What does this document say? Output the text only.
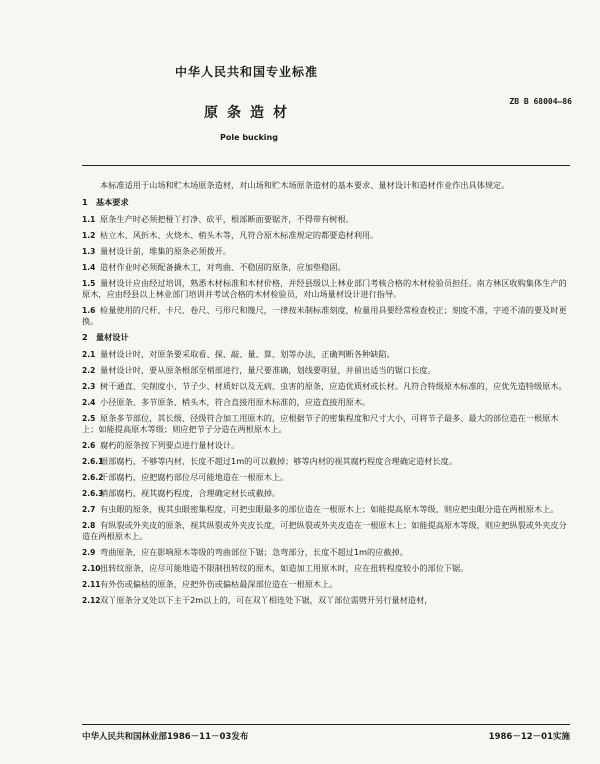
中华人民共和国专业标准
原条造材
ZB B 68004—86
Pole bucking

本标准适用于山场和贮木场原条造材，对山场和贮木场原条造材的基本要求、量材设计和造材作业作出具体规定。

1　基本要求

1.1 原条生产时必须把桠丫打净、砍平，根部断面要锯齐，不得带有树根。

1.2 枯立木、风折木、火烧木、梢头木等，凡符合原木标准规定的都要造材利用。

1.3 量材设计前，堆集的原条必须拨开。

1.4 造材作业时必须配备撬木工，对弯曲、不稳固的原条，应加垫稳固。

1.5 量材设计应由经过培训，熟悉木材标准和木材价格，并经县级以上林业部门考核合格的木材检验员担任。南方林区收购集体生产的原木，应由经县以上林业部门培训并考试合格的木材检验员，对山场量材设计进行指导。

1.6 检量使用的尺杆、卡尺、卷尺、弓形尺和篾尺，一律按米制标准刻度，检量用具要经常检查校正；刻度不准，字迹不清的要及时更换。

2　量材设计

2.1 量材设计时，对原条要采取看、探、敲、量、算、划等办法，正确判断各种缺陷。

2.2 量材设计时，要从原条根部至梢部进行，量尺要准确，划线要明显，并留出适当的锯口长度。

2.3 树干通直、尖削度小、节子少、材质好以及无病、虫害的原条，应造优质材或长材。凡符合特级原木标准的，应优先造特级原木。

2.4 小径原条、多节原条、梢头木，符合直接用原木标准的，应造直接用原木。

2.5 原条多节部位，其长级、径级符合加工用原木的，应根据节子的密集程度和尺寸大小，可将节子最多、最大的部位造在一根原木上；如能提高原木等级；则应把节子分造在两根原木上。

2.6 腐朽的原条按下列要点进行量材设计。

2.6.1根部腐朽，不够等内材，长度不超过1m的可以截掉；够等内材的视其腐朽程度合理确定造材长度。

2.6.2干部腐朽，应把腐朽部位尽可能地造在一根原木上。

2.6.3梢部腐朽，视其腐朽程度，合理确定材长或截掉。

2.7 有虫眼的原条，视其虫眼密集程度，可把虫眼最多的部位造在一根原木上；如能提高原木等级，则应把虫眼分造在两根原木上。

2.8 有纵裂或外夹皮的原条，视其纵裂或外夹皮长度，可把纵裂或外夹皮造在一根原木上；如能提高原木等级，则应把纵裂或外夹皮分造在两根原木上。

2.9 弯曲原条，应在影响原木等级的弯曲部位下锯；急弯部分，长度不超过1m的应截掉。

2.10扭转纹原条，应尽可能地造不限制扭转纹的原木，如造加工用原木时，应在扭转程度较小的部位下锯。

2.11有外伤或偏枯的原条，应把外伤或偏枯最深部位造在一根原木上。

2.12双丫原条分叉处以下主干2m以上的，可在双丫相连处下锯，双丫部位需劈开另行量材造材，

中华人民共和国林业部1986－11－03发布	1986－12－01实施
